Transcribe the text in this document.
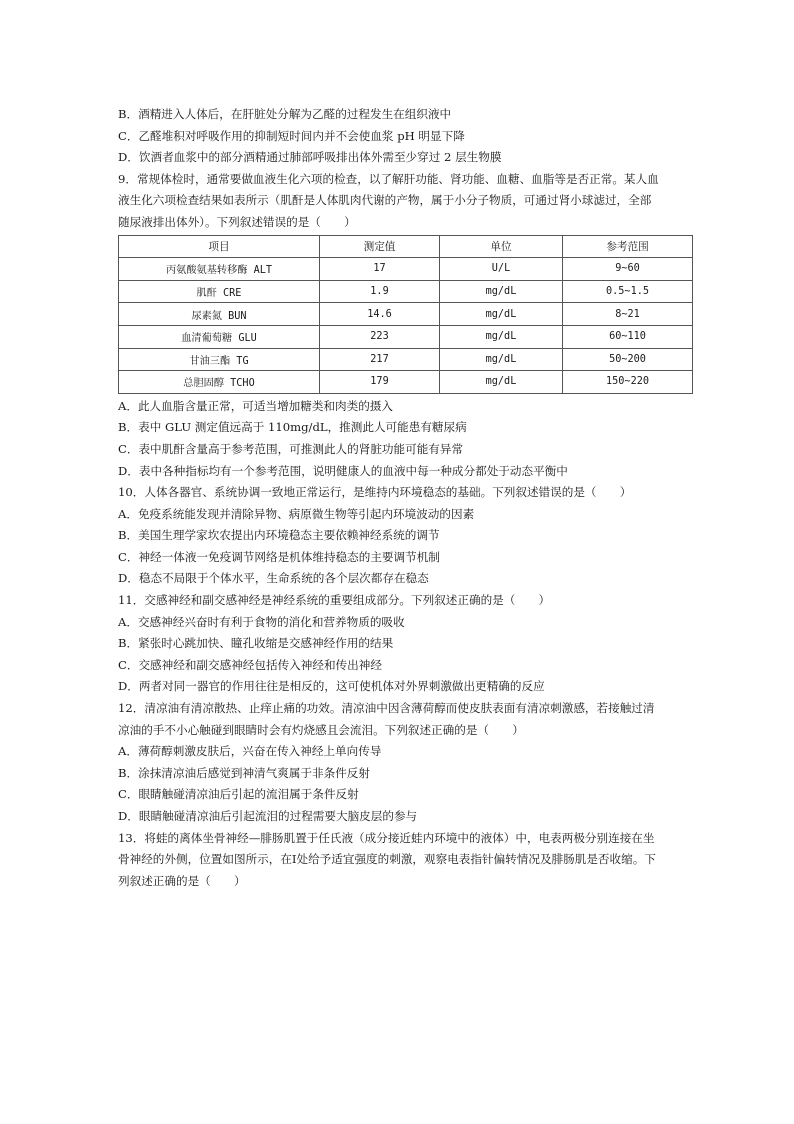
B．酒精进入人体后，在肝脏处分解为乙醛的过程发生在组织液中
C．乙醛堆积对呼吸作用的抑制短时间内并不会使血浆 pH 明显下降
D．饮酒者血浆中的部分酒精通过肺部呼吸排出体外需至少穿过 2 层生物膜
9．常规体检时，通常要做血液生化六项的检查，以了解肝功能、肾功能、血糖、血脂等是否正常。某人血
液生化六项检查结果如表所示（肌酐是人体肌肉代谢的产物，属于小分子物质，可通过肾小球滤过，全部
随尿液排出体外）。下列叙述错误的是（　　）
项目	测定值	单位	参考范围
丙氨酸氨基转移酶 ALT	17	U/L	9~60
肌酐 CRE	1.9	mg/dL	0.5~1.5
尿素氮 BUN	14.6	mg/dL	8~21
血清葡萄糖 GLU	223	mg/dL	60~110
甘油三酯 TG	217	mg/dL	50~200
总胆固醇 TCHO	179	mg/dL	150~220
A．此人血脂含量正常，可适当增加糖类和肉类的摄入
B．表中 GLU 测定值远高于 110mg/dL，推测此人可能患有糖尿病
C．表中肌酐含量高于参考范围，可推测此人的肾脏功能可能有异常
D．表中各种指标均有一个参考范围，说明健康人的血液中每一种成分都处于动态平衡中
10．人体各器官、系统协调一致地正常运行，是维持内环境稳态的基础。下列叙述错误的是（　　）
A．免疫系统能发现并清除异物、病原微生物等引起内环境波动的因素
B．美国生理学家坎农提出内环境稳态主要依赖神经系统的调节
C．神经一体液一免疫调节网络是机体维持稳态的主要调节机制
D．稳态不局限于个体水平，生命系统的各个层次都存在稳态
11．交感神经和副交感神经是神经系统的重要组成部分。下列叙述正确的是（　　）
A．交感神经兴奋时有利于食物的消化和营养物质的吸收
B．紧张时心跳加快、瞳孔收缩是交感神经作用的结果
C．交感神经和副交感神经包括传入神经和传出神经
D．两者对同一器官的作用往往是相反的，这可使机体对外界刺激做出更精确的反应
12．清凉油有清凉散热、止痒止痛的功效。清凉油中因含薄荷醇而使皮肤表面有清凉刺激感，若接触过清
凉油的手不小心触碰到眼睛时会有灼烧感且会流泪。下列叙述正确的是（　　）
A．薄荷醇刺激皮肤后，兴奋在传入神经上单向传导
B．涂抹清凉油后感觉到神清气爽属于非条件反射
C．眼睛触碰清凉油后引起的流泪属于条件反射
D．眼睛触碰清凉油后引起流泪的过程需要大脑皮层的参与
13．将蛙的离体坐骨神经—腓肠肌置于任氏液（成分接近蛙内环境中的液体）中，电表两极分别连接在坐
骨神经的外侧，位置如图所示，在Ⅰ处给予适宜强度的刺激，观察电表指针偏转情况及腓肠肌是否收缩。下
列叙述正确的是（　　）
